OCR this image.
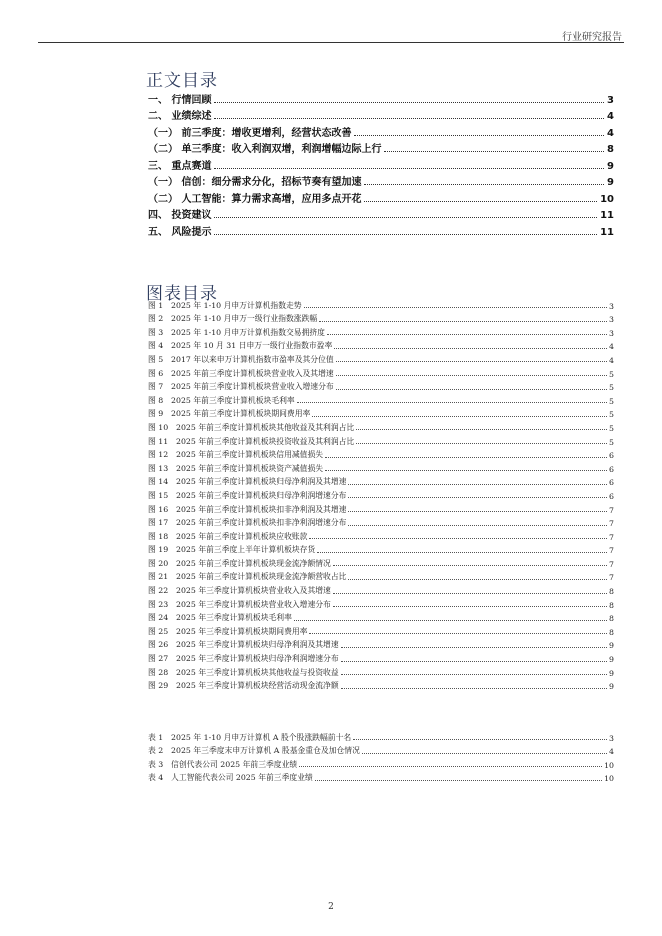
行业研究报告
正文目录
一、 行情回顾	3
二、 业绩综述	4
（一） 前三季度：增收更增利，经营状态改善	4
（二） 单三季度：收入利润双增，利润增幅边际上行	8
三、 重点赛道	9
（一） 信创：细分需求分化，招标节奏有望加速	9
（二） 人工智能：算力需求高增，应用多点开花	10
四、 投资建议	11
五、 风险提示	11
图表目录
图 1　2025 年 1-10 月申万计算机指数走势	3
图 2　2025 年 1-10 月申万一级行业指数涨跌幅	3
图 3　2025 年 1-10 月申万计算机指数交易拥挤度	3
图 4　2025 年 10 月 31 日申万一级行业指数市盈率	4
图 5　2017 年以来申万计算机指数市盈率及其分位值	4
图 6　2025 年前三季度计算机板块营业收入及其增速	5
图 7　2025 年前三季度计算机板块营业收入增速分布	5
图 8　2025 年前三季度计算机板块毛利率	5
图 9　2025 年前三季度计算机板块期间费用率	5
图 10　2025 年前三季度计算机板块其他收益及其利润占比	5
图 11　2025 年前三季度计算机板块投资收益及其利润占比	5
图 12　2025 年前三季度计算机板块信用减值损失	6
图 13　2025 年前三季度计算机板块资产减值损失	6
图 14　2025 年前三季度计算机板块归母净利润及其增速	6
图 15　2025 年前三季度计算机板块归母净利润增速分布	6
图 16　2025 年前三季度计算机板块扣非净利润及其增速	7
图 17　2025 年前三季度计算机板块扣非净利润增速分布	7
图 18　2025 年前三季度计算机板块应收账款	7
图 19　2025 年前三季度上半年计算机板块存货	7
图 20　2025 年前三季度计算机板块现金流净额情况	7
图 21　2025 年前三季度计算机板块现金流净额营收占比	7
图 22　2025 年三季度计算机板块营业收入及其增速	8
图 23　2025 年三季度计算机板块营业收入增速分布	8
图 24　2025 年三季度计算机板块毛利率	8
图 25　2025 年三季度计算机板块期间费用率	8
图 26　2025 年三季度计算机板块归母净利润及其增速	9
图 27　2025 年三季度计算机板块归母净利润增速分布	9
图 28　2025 年三季度计算机板块其他收益与投资收益	9
图 29　2025 年三季度计算机板块经营活动现金流净额	9
表 1　2025 年 1-10 月申万计算机 A 股个股涨跌幅前十名	3
表 2　2025 年三季度末申万计算机 A 股基金重仓及加仓情况	4
表 3　信创代表公司 2025 年前三季度业绩	10
表 4　人工智能代表公司 2025 年前三季度业绩	10
2
